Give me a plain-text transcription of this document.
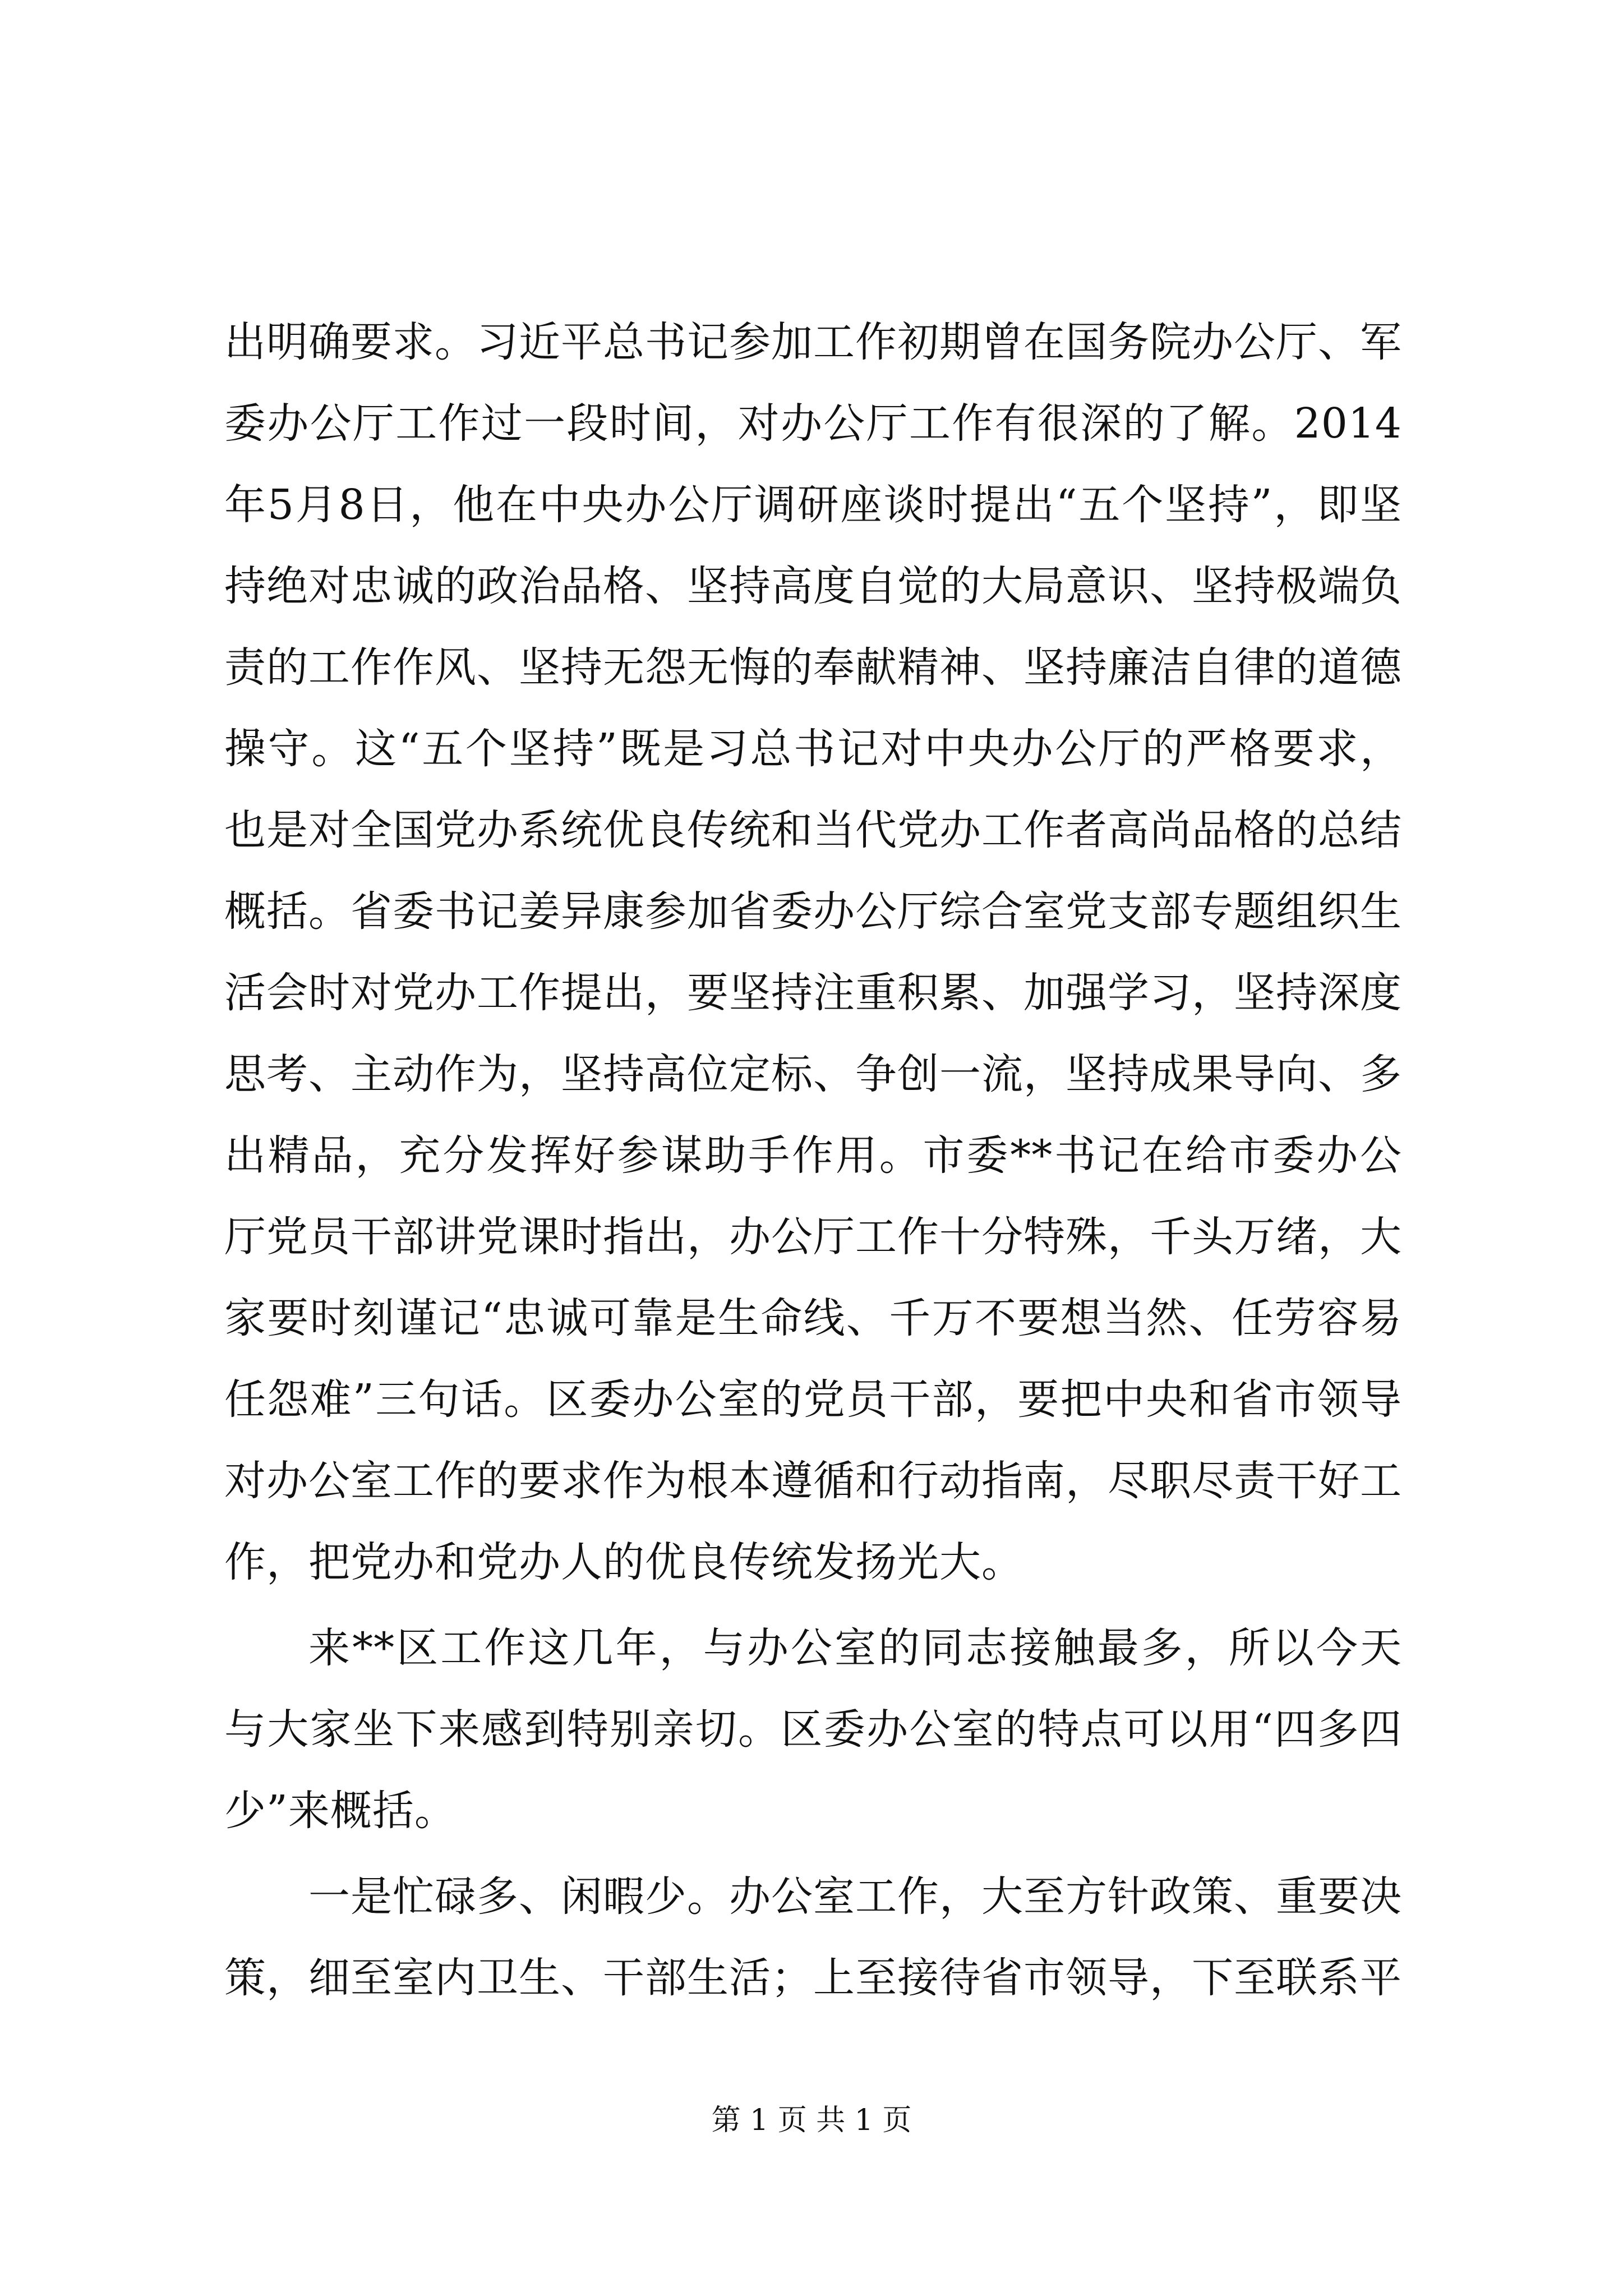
出明确要求。习近平总书记参加工作初期曾在国务院办公厅、军委办公厅工作过一段时间，对办公厅工作有很深的了解。2014年5月8日，他在中央办公厅调研座谈时提出“五个坚持”，即坚持绝对忠诚的政治品格、坚持高度自觉的大局意识、坚持极端负责的工作作风、坚持无怨无悔的奉献精神、坚持廉洁自律的道德操守。这“五个坚持”既是习总书记对中央办公厅的严格要求，也是对全国党办系统优良传统和当代党办工作者高尚品格的总结概括。省委书记姜异康参加省委办公厅综合室党支部专题组织生活会时对党办工作提出，要坚持注重积累、加强学习，坚持深度思考、主动作为，坚持高位定标、争创一流，坚持成果导向、多出精品，充分发挥好参谋助手作用。市委**书记在给市委办公厅党员干部讲党课时指出，办公厅工作十分特殊，千头万绪，大家要时刻谨记“忠诚可靠是生命线、千万不要想当然、任劳容易任怨难”三句话。区委办公室的党员干部，要把中央和省市领导对办公室工作的要求作为根本遵循和行动指南，尽职尽责干好工作，把党办和党办人的优良传统发扬光大。

来**区工作这几年，与办公室的同志接触最多，所以今天与大家坐下来感到特别亲切。区委办公室的特点可以用“四多四少”来概括。

一是忙碌多、闲暇少。办公室工作，大至方针政策、重要决策，细至室内卫生、干部生活；上至接待省市领导，下至联系平

第 1 页 共 1 页
